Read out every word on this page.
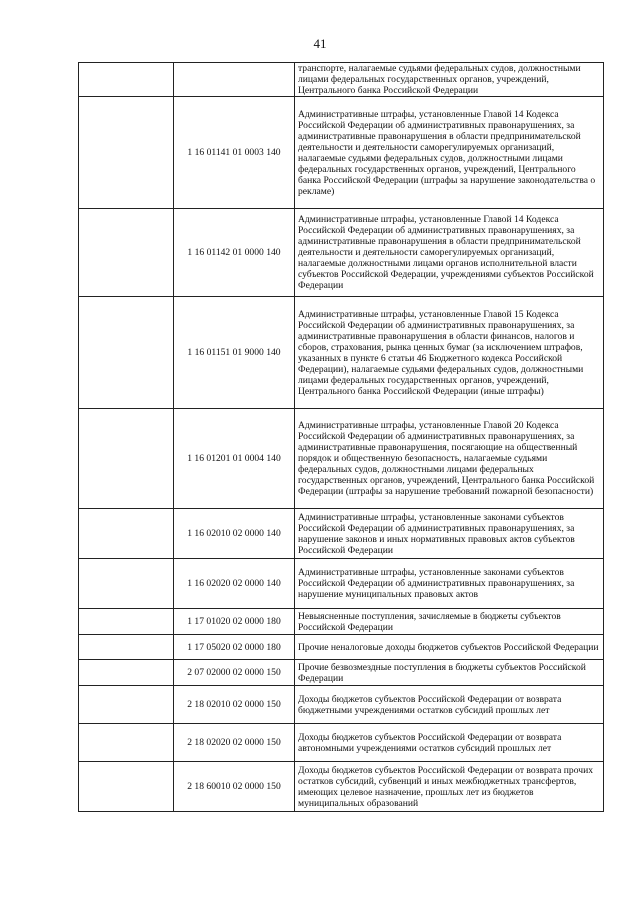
41
		транспорте, налагаемые судьями федеральных судов, должностными лицами федеральных государственных органов, учреждений, Центрального банка Российской Федерации
	1 16 01141 01 0003 140	Административные штрафы, установленные Главой 14 Кодекса Российской Федерации об административных правонарушениях, за административные правонарушения в области предпринимательской деятельности и деятельности саморегулируемых организаций, налагаемые судьями федеральных судов, должностными лицами федеральных государственных органов, учреждений, Центрального банка Российской Федерации (штрафы за нарушение законодательства о рекламе)
	1 16 01142 01 0000 140	Административные штрафы, установленные Главой 14 Кодекса Российской Федерации об административных правонарушениях, за административные правонарушения в области предпринимательской деятельности и деятельности саморегулируемых организаций, налагаемые должностными лицами органов исполнительной власти субъектов Российской Федерации, учреждениями субъектов Российской Федерации
	1 16 01151 01 9000 140	Административные штрафы, установленные Главой 15 Кодекса Российской Федерации об административных правонарушениях, за административные правонарушения в области финансов, налогов и сборов, страхования, рынка ценных бумаг (за исключением штрафов, указанных в пункте 6 статьи 46 Бюджетного кодекса Российской Федерации), налагаемые судьями федеральных судов, должностными лицами федеральных государственных органов, учреждений, Центрального банка Российской Федерации (иные штрафы)
	1 16 01201 01 0004 140	Административные штрафы, установленные Главой 20 Кодекса Российской Федерации об административных правонарушениях, за административные правонарушения, посягающие на общественный порядок и общественную безопасность, налагаемые судьями федеральных судов, должностными лицами федеральных государственных органов, учреждений, Центрального банка Российской Федерации (штрафы за нарушение требований пожарной безопасности)
	1 16 02010 02 0000 140	Административные штрафы, установленные законами субъектов Российской Федерации об административных правонарушениях, за нарушение законов и иных нормативных правовых актов субъектов Российской Федерации
	1 16 02020 02 0000 140	Административные штрафы, установленные законами субъектов Российской Федерации об административных правонарушениях, за нарушение муниципальных правовых актов
	1 17 01020 02 0000 180	Невыясненные поступления, зачисляемые в бюджеты субъектов Российской Федерации
	1 17 05020 02 0000 180	Прочие неналоговые доходы бюджетов субъектов Российской Федерации
	2 07 02000 02 0000 150	Прочие безвозмездные поступления в бюджеты субъектов Российской Федерации
	2 18 02010 02 0000 150	Доходы бюджетов субъектов Российской Федерации от возврата бюджетными учреждениями остатков субсидий прошлых лет
	2 18 02020 02 0000 150	Доходы бюджетов субъектов Российской Федерации от возврата автономными учреждениями остатков субсидий прошлых лет
	2 18 60010 02 0000 150	Доходы бюджетов субъектов Российской Федерации от возврата прочих остатков субсидий, субвенций и иных межбюджетных трансфертов, имеющих целевое назначение, прошлых лет из бюджетов муниципальных образований
